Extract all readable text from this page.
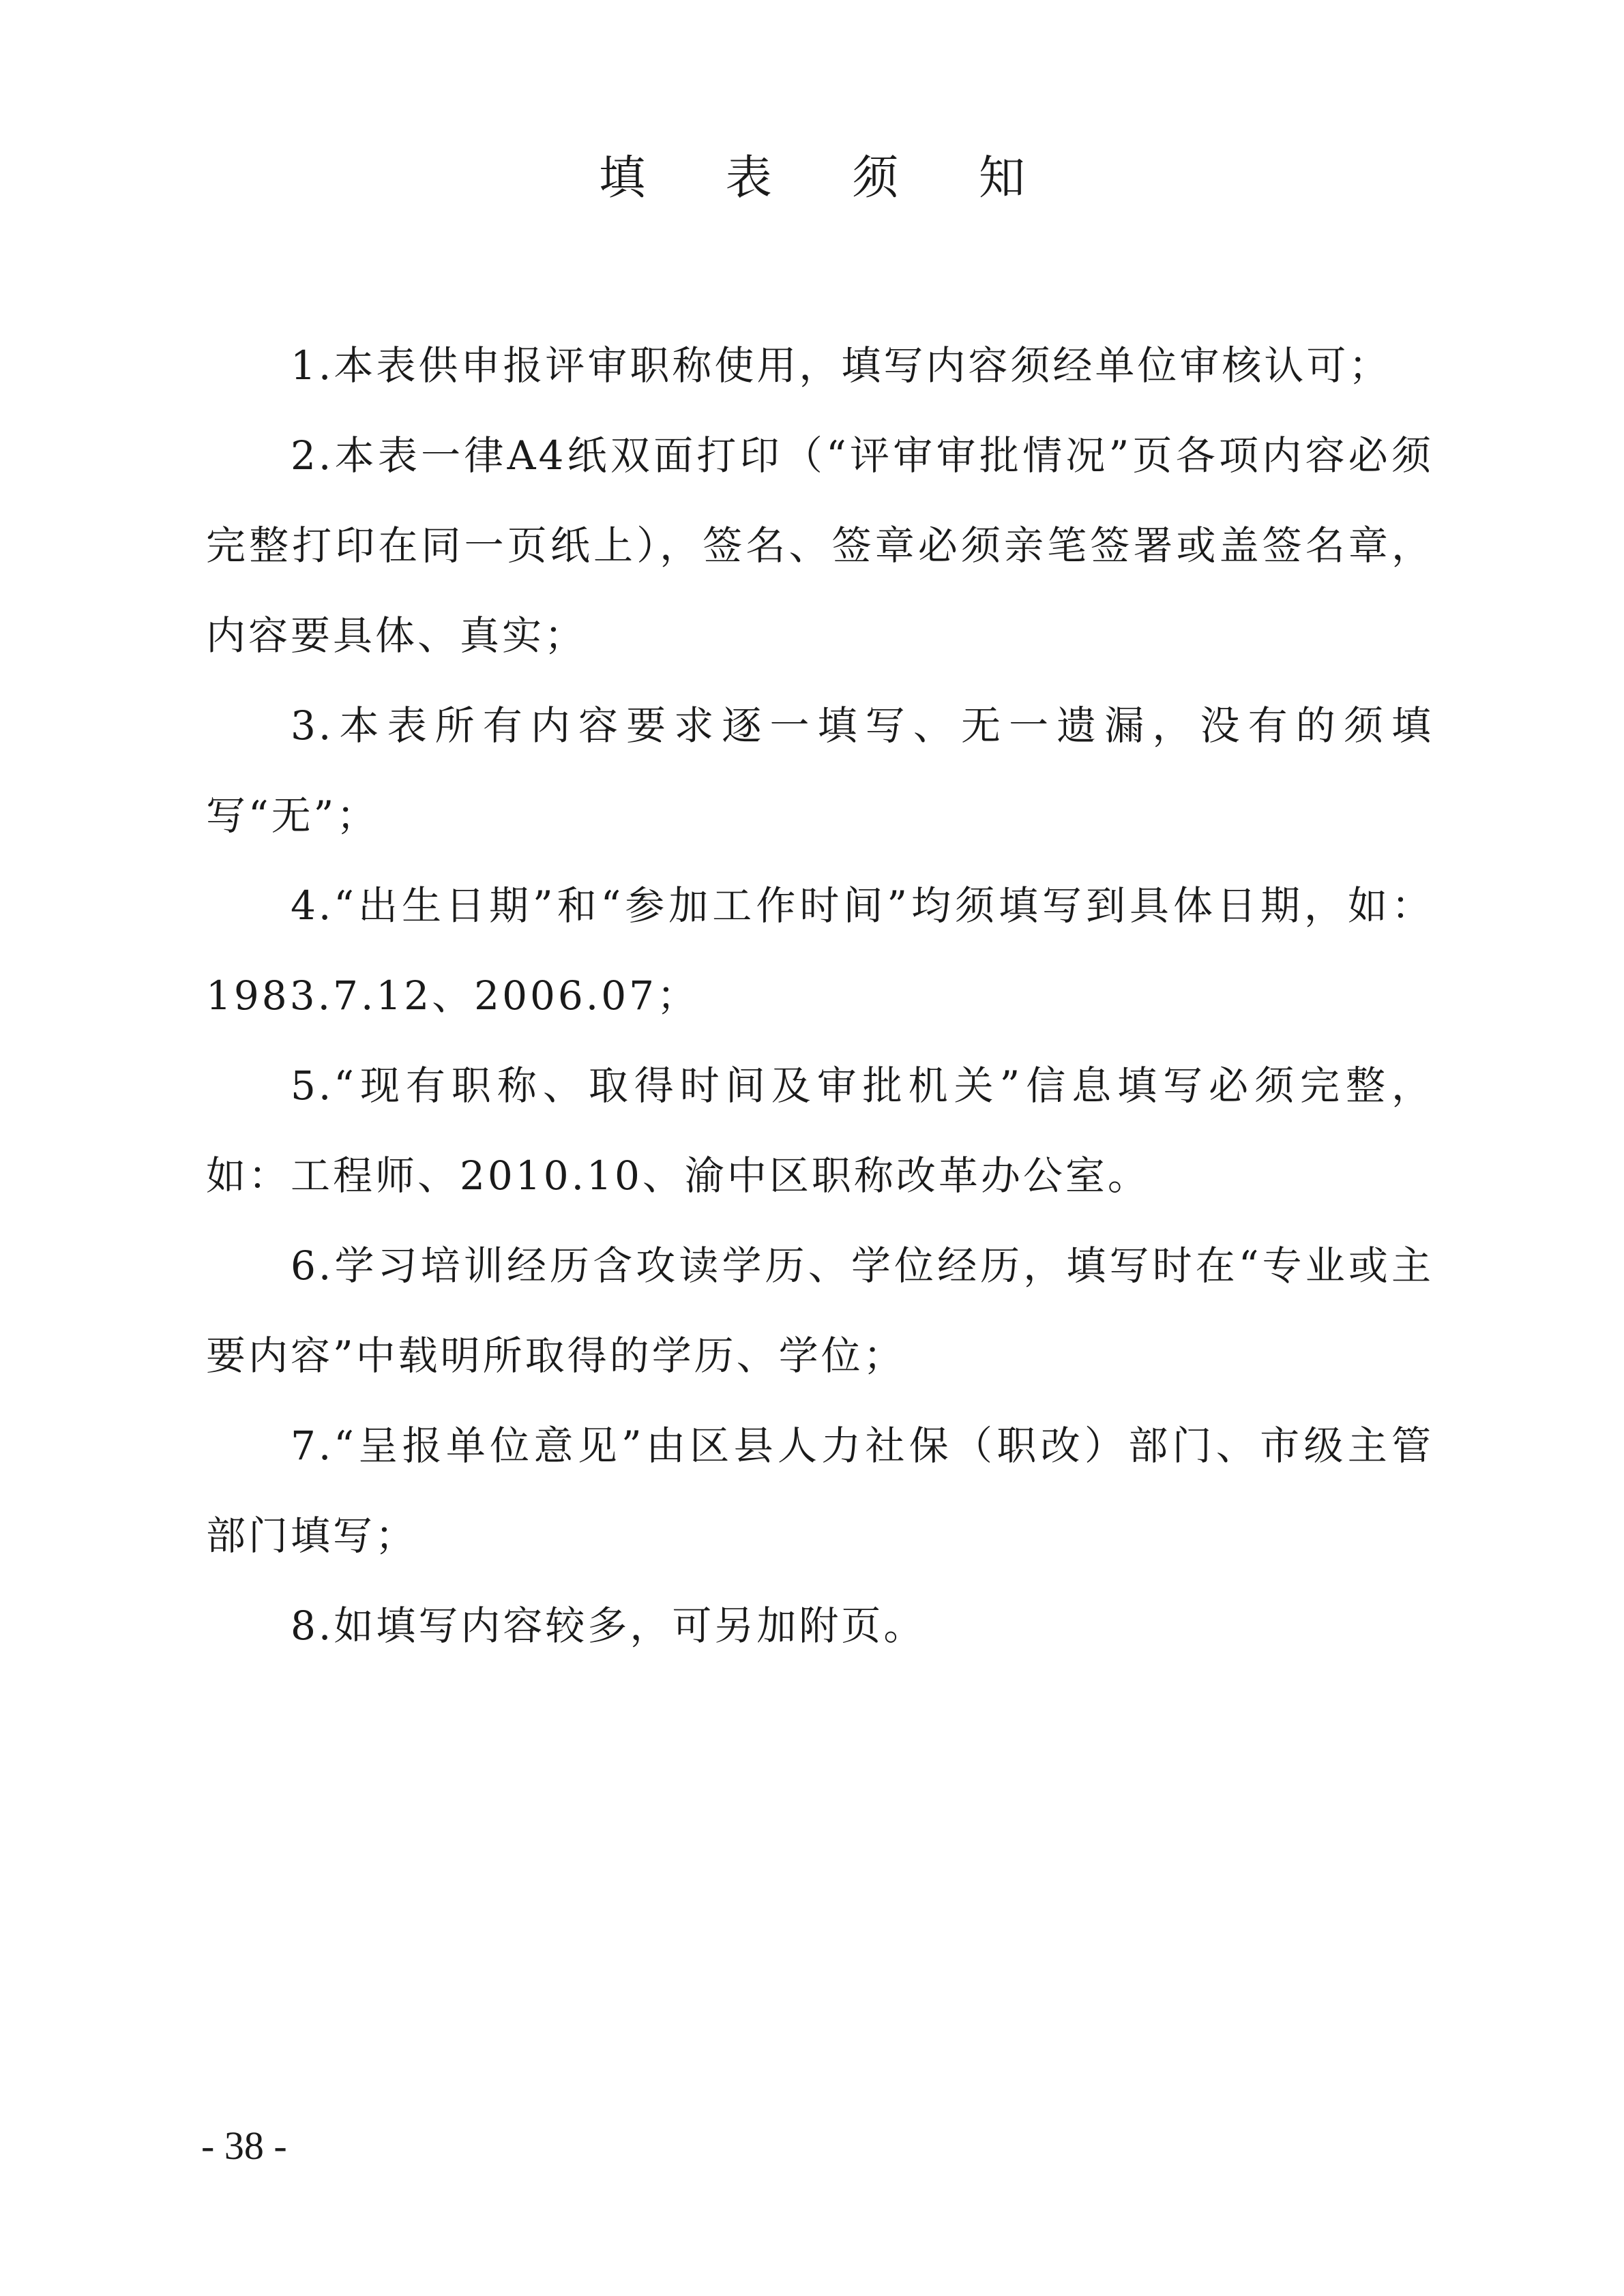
填 表 须 知

1.本表供申报评审职称使用，填写内容须经单位审核认可；

2.本表一律A4纸双面打印（“评审审批情况”页各项内容必须完整打印在同一页纸上），签名、签章必须亲笔签署或盖签名章，内容要具体、真实；

3.本表所有内容要求逐一填写、无一遗漏，没有的须填写“无”；

4.“出生日期”和“参加工作时间”均须填写到具体日期，如：1983.7.12、2006.07；

5.“现有职称、取得时间及审批机关”信息填写必须完整，如：工程师、2010.10、渝中区职称改革办公室。

6.学习培训经历含攻读学历、学位经历，填写时在“专业或主要内容”中载明所取得的学历、学位；

7.“呈报单位意见”由区县人力社保（职改）部门、市级主管部门填写；

8.如填写内容较多，可另加附页。

- 38 -
